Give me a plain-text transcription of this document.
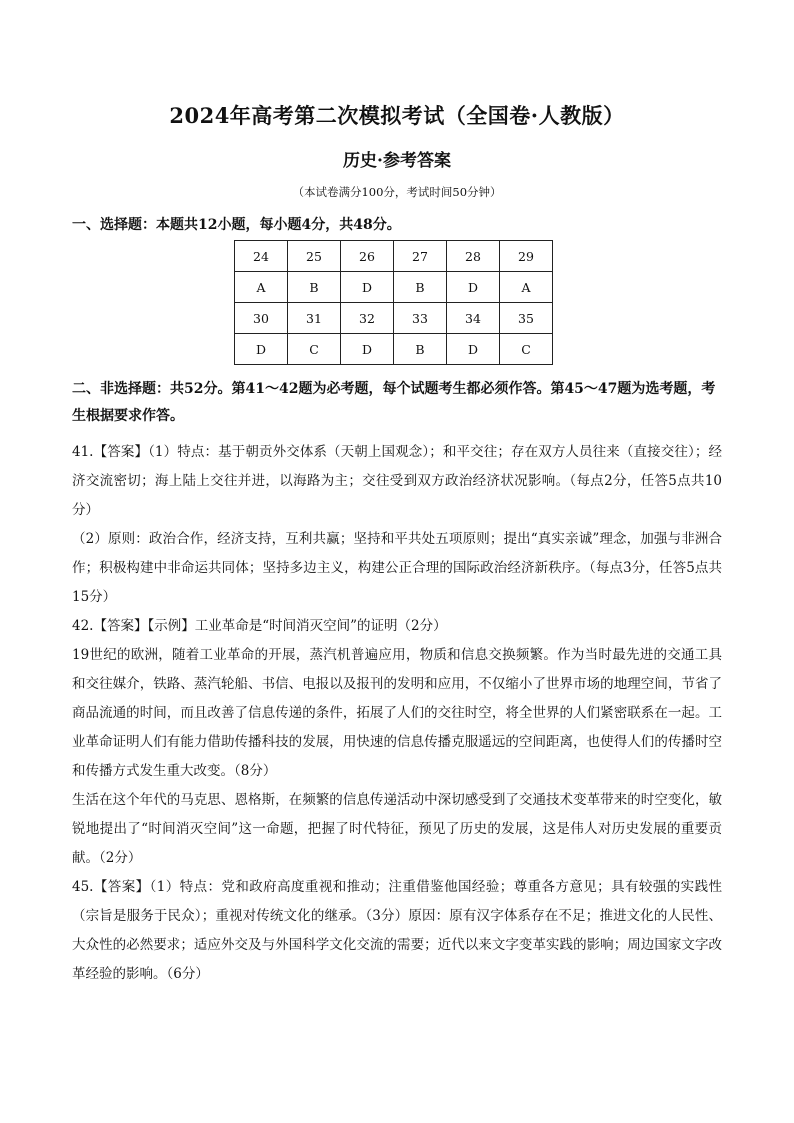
2024年高考第二次模拟考试（全国卷·人教版）
历史·参考答案
（本试卷满分100分，考试时间50分钟）
一、选择题：本题共12小题，每小题4分，共48分。
24	25	26	27	28	29
A	B	D	B	D	A
30	31	32	33	34	35
D	C	D	B	D	C
二、非选择题：共52分。第41～42题为必考题，每个试题考生都必须作答。第45～47题为选考题，考生根据要求作答。

41.【答案】（1）特点：基于朝贡外交体系（天朝上国观念）；和平交往；存在双方人员往来（直接交往）；经济交流密切；海上陆上交往并进，以海路为主；交往受到双方政治经济状况影响。（每点2分，任答5点共10分）

（2）原则：政治合作，经济支持，互利共赢；坚持和平共处五项原则；提出“真实亲诚”理念，加强与非洲合作；积极构建中非命运共同体；坚持多边主义，构建公正合理的国际政治经济新秩序。（每点3分，任答5点共15分）

42.【答案】【示例】工业革命是“时间消灭空间”的证明（2分）

19世纪的欧洲，随着工业革命的开展，蒸汽机普遍应用，物质和信息交换频繁。作为当时最先进的交通工具和交往媒介，铁路、蒸汽轮船、书信、电报以及报刊的发明和应用，不仅缩小了世界市场的地理空间，节省了商品流通的时间，而且改善了信息传递的条件，拓展了人们的交往时空，将全世界的人们紧密联系在一起。工业革命证明人们有能力借助传播科技的发展，用快速的信息传播克服遥远的空间距离，也使得人们的传播时空和传播方式发生重大改变。（8分）

生活在这个年代的马克思、恩格斯，在频繁的信息传递活动中深切感受到了交通技术变革带来的时空变化，敏锐地提出了“时间消灭空间”这一命题，把握了时代特征，预见了历史的发展，这是伟人对历史发展的重要贡献。（2分）

45.【答案】（1）特点：党和政府高度重视和推动；注重借鉴他国经验；尊重各方意见；具有较强的实践性（宗旨是服务于民众）；重视对传统文化的继承。（3分）原因：原有汉字体系存在不足；推进文化的人民性、大众性的必然要求；适应外交及与外国科学文化交流的需要；近代以来文字变革实践的影响；周边国家文字改革经验的影响。（6分）
